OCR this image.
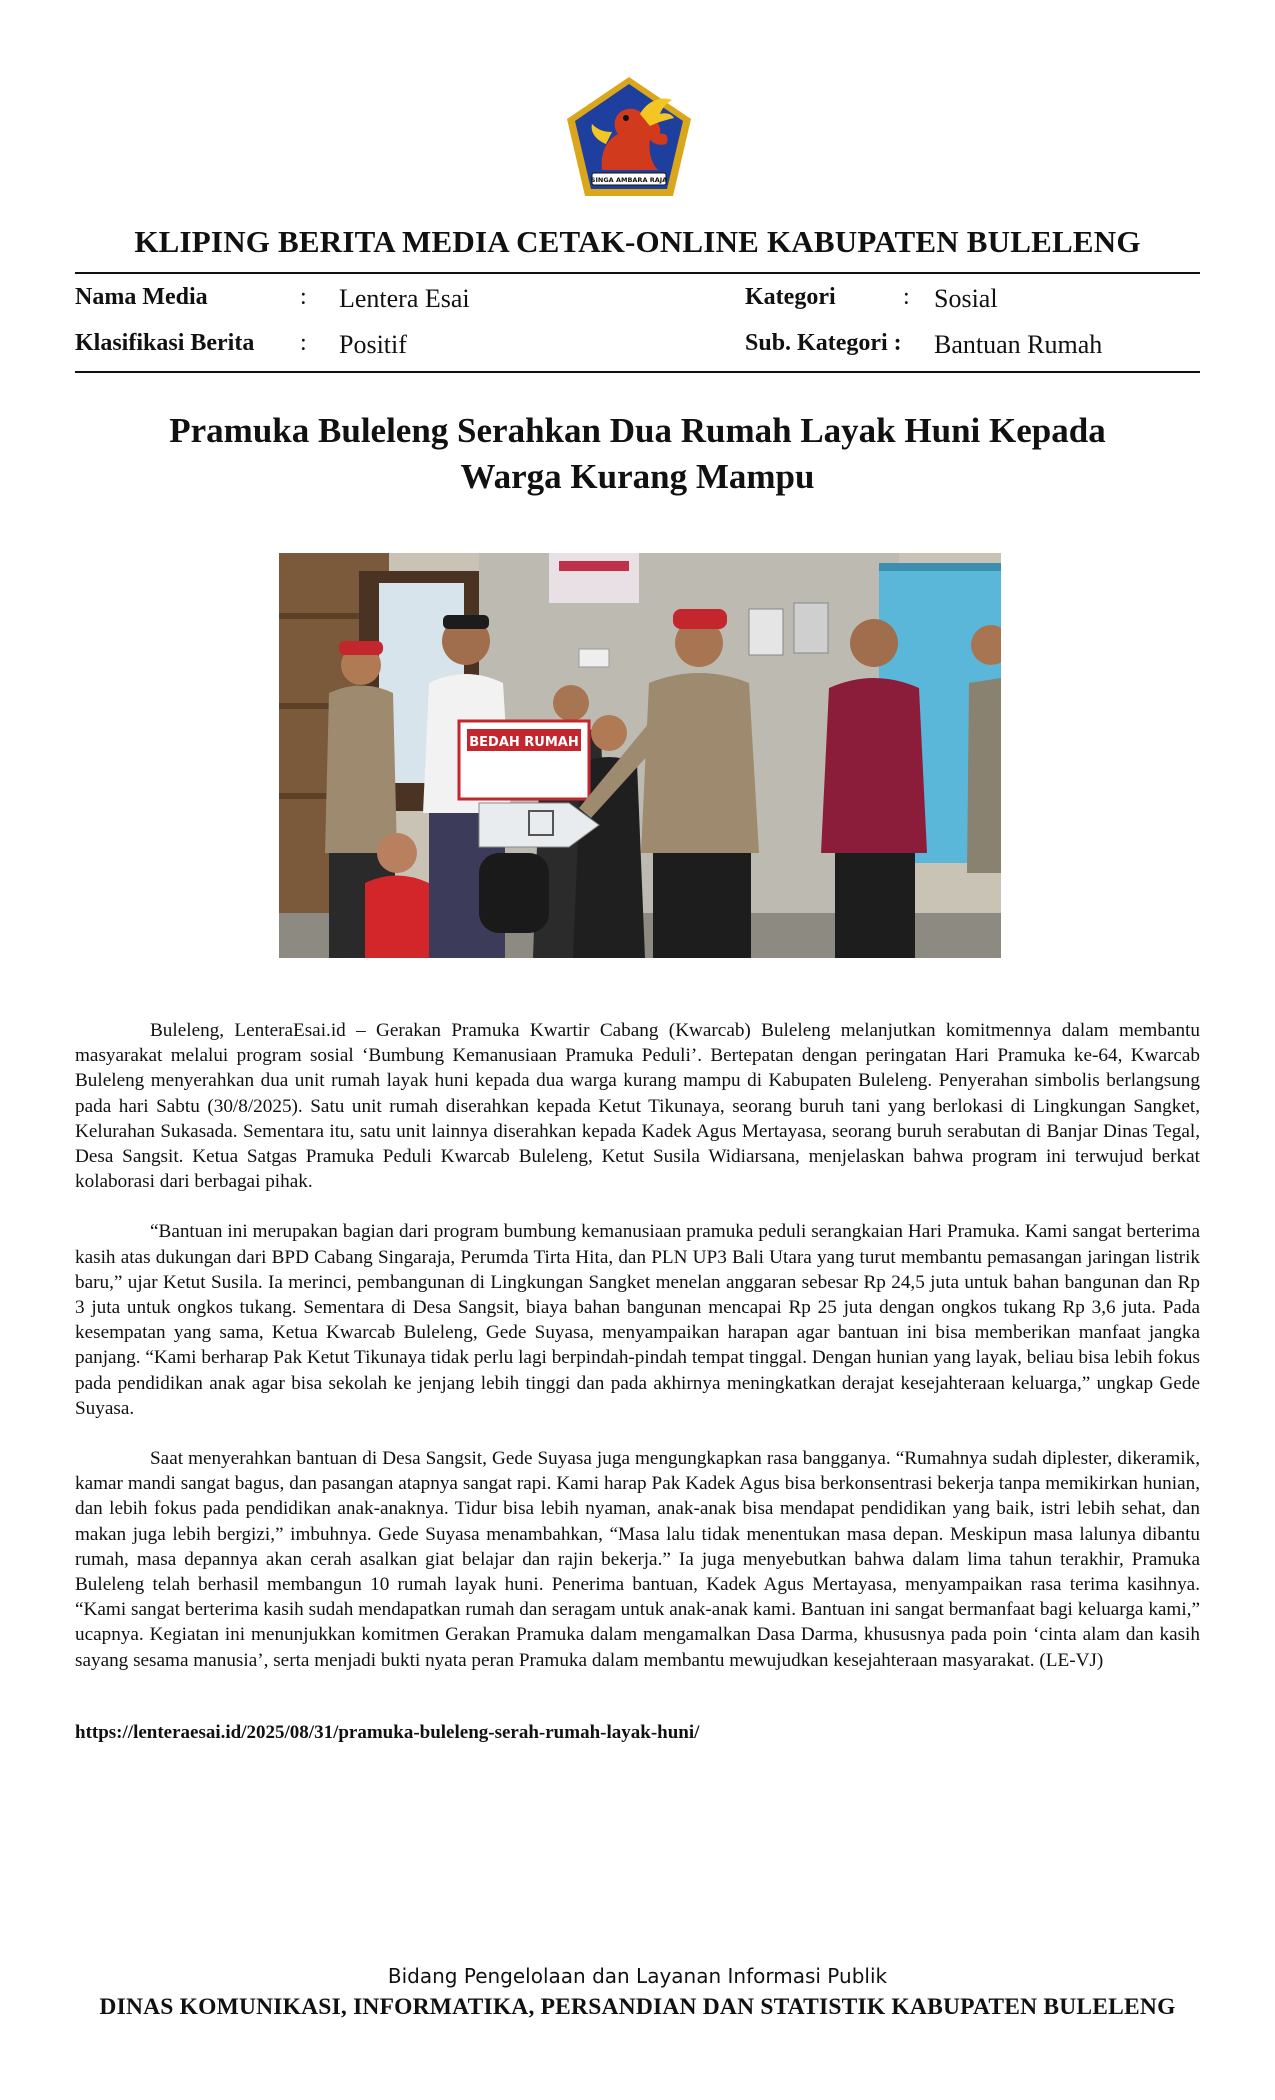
SINGA AMBARA RAJA
KLIPING BERITA MEDIA CETAK-ONLINE KABUPATEN BULELENG
Nama Media	: Lentera Esai	Kategori	: Sosial
Klasifikasi Berita : Positif	Sub. Kategori : Bantuan Rumah
Pramuka Buleleng Serahkan Dua Rumah Layak Huni Kepada
Warga Kurang Mampu
BEDAH RUMAH

Buleleng, LenteraEsai.id – Gerakan Pramuka Kwartir Cabang (Kwarcab) Buleleng melanjutkan komitmennya dalam membantu masyarakat melalui program sosial ‘Bumbung Kemanusiaan Pramuka Peduli’. Bertepatan dengan peringatan Hari Pramuka ke-64, Kwarcab Buleleng menyerahkan dua unit rumah layak huni kepada dua warga kurang mampu di Kabupaten Buleleng. Penyerahan simbolis berlangsung pada hari Sabtu (30/8/2025). Satu unit rumah diserahkan kepada Ketut Tikunaya, seorang buruh tani yang berlokasi di Lingkungan Sangket, Kelurahan Sukasada. Sementara itu, satu unit lainnya diserahkan kepada Kadek Agus Mertayasa, seorang buruh serabutan di Banjar Dinas Tegal, Desa Sangsit. Ketua Satgas Pramuka Peduli Kwarcab Buleleng, Ketut Susila Widiarsana, menjelaskan bahwa program ini terwujud berkat kolaborasi dari berbagai pihak.

“Bantuan ini merupakan bagian dari program bumbung kemanusiaan pramuka peduli serangkaian Hari Pramuka. Kami sangat berterima kasih atas dukungan dari BPD Cabang Singaraja, Perumda Tirta Hita, dan PLN UP3 Bali Utara yang turut membantu pemasangan jaringan listrik baru,” ujar Ketut Susila. Ia merinci, pembangunan di Lingkungan Sangket menelan anggaran sebesar Rp 24,5 juta untuk bahan bangunan dan Rp 3 juta untuk ongkos tukang. Sementara di Desa Sangsit, biaya bahan bangunan mencapai Rp 25 juta dengan ongkos tukang Rp 3,6 juta. Pada kesempatan yang sama, Ketua Kwarcab Buleleng, Gede Suyasa, menyampaikan harapan agar bantuan ini bisa memberikan manfaat jangka panjang. “Kami berharap Pak Ketut Tikunaya tidak perlu lagi berpindah-pindah tempat tinggal. Dengan hunian yang layak, beliau bisa lebih fokus pada pendidikan anak agar bisa sekolah ke jenjang lebih tinggi dan pada akhirnya meningkatkan derajat kesejahteraan keluarga,” ungkap Gede Suyasa.

Saat menyerahkan bantuan di Desa Sangsit, Gede Suyasa juga mengungkapkan rasa bangganya. “Rumahnya sudah diplester, dikeramik, kamar mandi sangat bagus, dan pasangan atapnya sangat rapi. Kami harap Pak Kadek Agus bisa berkonsentrasi bekerja tanpa memikirkan hunian, dan lebih fokus pada pendidikan anak-anaknya. Tidur bisa lebih nyaman, anak-anak bisa mendapat pendidikan yang baik, istri lebih sehat, dan makan juga lebih bergizi,” imbuhnya. Gede Suyasa menambahkan, “Masa lalu tidak menentukan masa depan. Meskipun masa lalunya dibantu rumah, masa depannya akan cerah asalkan giat belajar dan rajin bekerja.” Ia juga menyebutkan bahwa dalam lima tahun terakhir, Pramuka Buleleng telah berhasil membangun 10 rumah layak huni. Penerima bantuan, Kadek Agus Mertayasa, menyampaikan rasa terima kasihnya. “Kami sangat berterima kasih sudah mendapatkan rumah dan seragam untuk anak-anak kami. Bantuan ini sangat bermanfaat bagi keluarga kami,” ucapnya. Kegiatan ini menunjukkan komitmen Gerakan Pramuka dalam mengamalkan Dasa Darma, khususnya pada poin ‘cinta alam dan kasih sayang sesama manusia’, serta menjadi bukti nyata peran Pramuka dalam membantu mewujudkan kesejahteraan masyarakat. (LE-VJ)

https://lenteraesai.id/2025/08/31/pramuka-buleleng-serah-rumah-layak-huni/
Bidang Pengelolaan dan Layanan Informasi Publik
DINAS KOMUNIKASI, INFORMATIKA, PERSANDIAN DAN STATISTIK KABUPATEN BULELENG
